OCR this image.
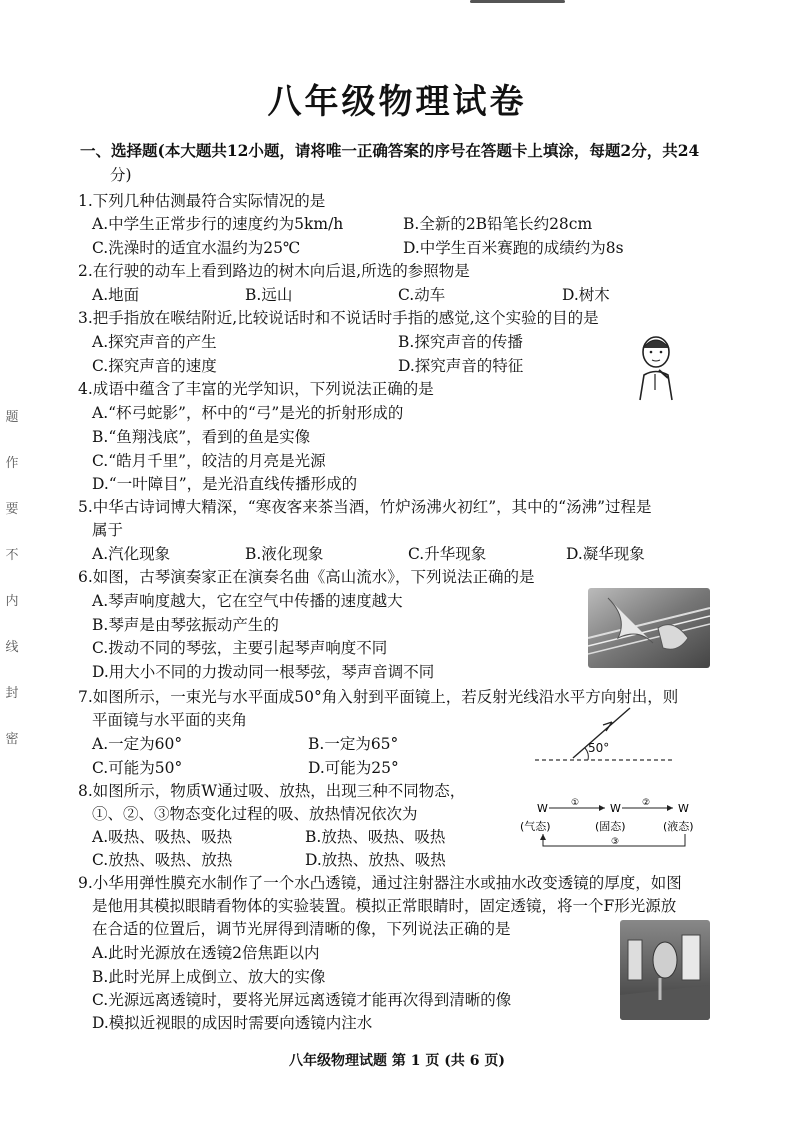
八年级物理试卷
题
作
要
不
内
线
封
密
一、选择题(本大题共12小题，请将唯一正确答案的序号在答题卡上填涂，每题2分，共24
分)
1.下列几种估测最符合实际情况的是
A.中学生正常步行的速度约为5km/h	B.全新的2B铅笔长约28cm
C.洗澡时的适宜水温约为25℃	D.中学生百米赛跑的成绩约为8s
2.在行驶的动车上看到路边的树木向后退,所选的参照物是
A.地面	B.远山	C.动车	D.树木
3.把手指放在喉结附近,比较说话时和不说话时手指的感觉,这个实验的目的是
A.探究声音的产生	B.探究声音的传播
C.探究声音的速度	D.探究声音的特征
4.成语中蕴含了丰富的光学知识，下列说法正确的是
A.“杯弓蛇影”，杯中的“弓”是光的折射形成的
B.“鱼翔浅底”，看到的鱼是实像
C.“皓月千里”，皎洁的月亮是光源
D.“一叶障目”，是光沿直线传播形成的
5.中华古诗词博大精深，“寒夜客来茶当酒，竹炉汤沸火初红”，其中的“汤沸”过程是
属于
A.汽化现象	B.液化现象	C.升华现象	D.凝华现象
6.如图，古琴演奏家正在演奏名曲《高山流水》，下列说法正确的是
A.琴声响度越大，它在空气中传播的速度越大
B.琴声是由琴弦振动产生的
C.拨动不同的琴弦，主要引起琴声响度不同
D.用大小不同的力拨动同一根琴弦，琴声音调不同
7.如图所示，一束光与水平面成50°角入射到平面镜上，若反射光线沿水平方向射出，则
平面镜与水平面的夹角
A.一定为60°	B.一定为65°
C.可能为50°	D.可能为25°
50°
8.如图所示，物质W通过吸、放热，出现三种不同物态，
①、②、③物态变化过程的吸、放热情况依次为
A.吸热、吸热、吸热	B.放热、吸热、吸热
C.放热、吸热、放热	D.放热、放热、吸热
W	W	W
①	②
(气态)	(固态)	(液态)
③
9.小华用弹性膜充水制作了一个水凸透镜，通过注射器注水或抽水改变透镜的厚度，如图
是他用其模拟眼睛看物体的实验装置。模拟正常眼睛时，固定透镜，将一个F形光源放
在合适的位置后，调节光屏得到清晰的像，下列说法正确的是
A.此时光源放在透镜2倍焦距以内
B.此时光屏上成倒立、放大的实像
C.光源远离透镜时，要将光屏远离透镜才能再次得到清晰的像
D.模拟近视眼的成因时需要向透镜内注水
八年级物理试题 第 1 页 (共 6 页)
